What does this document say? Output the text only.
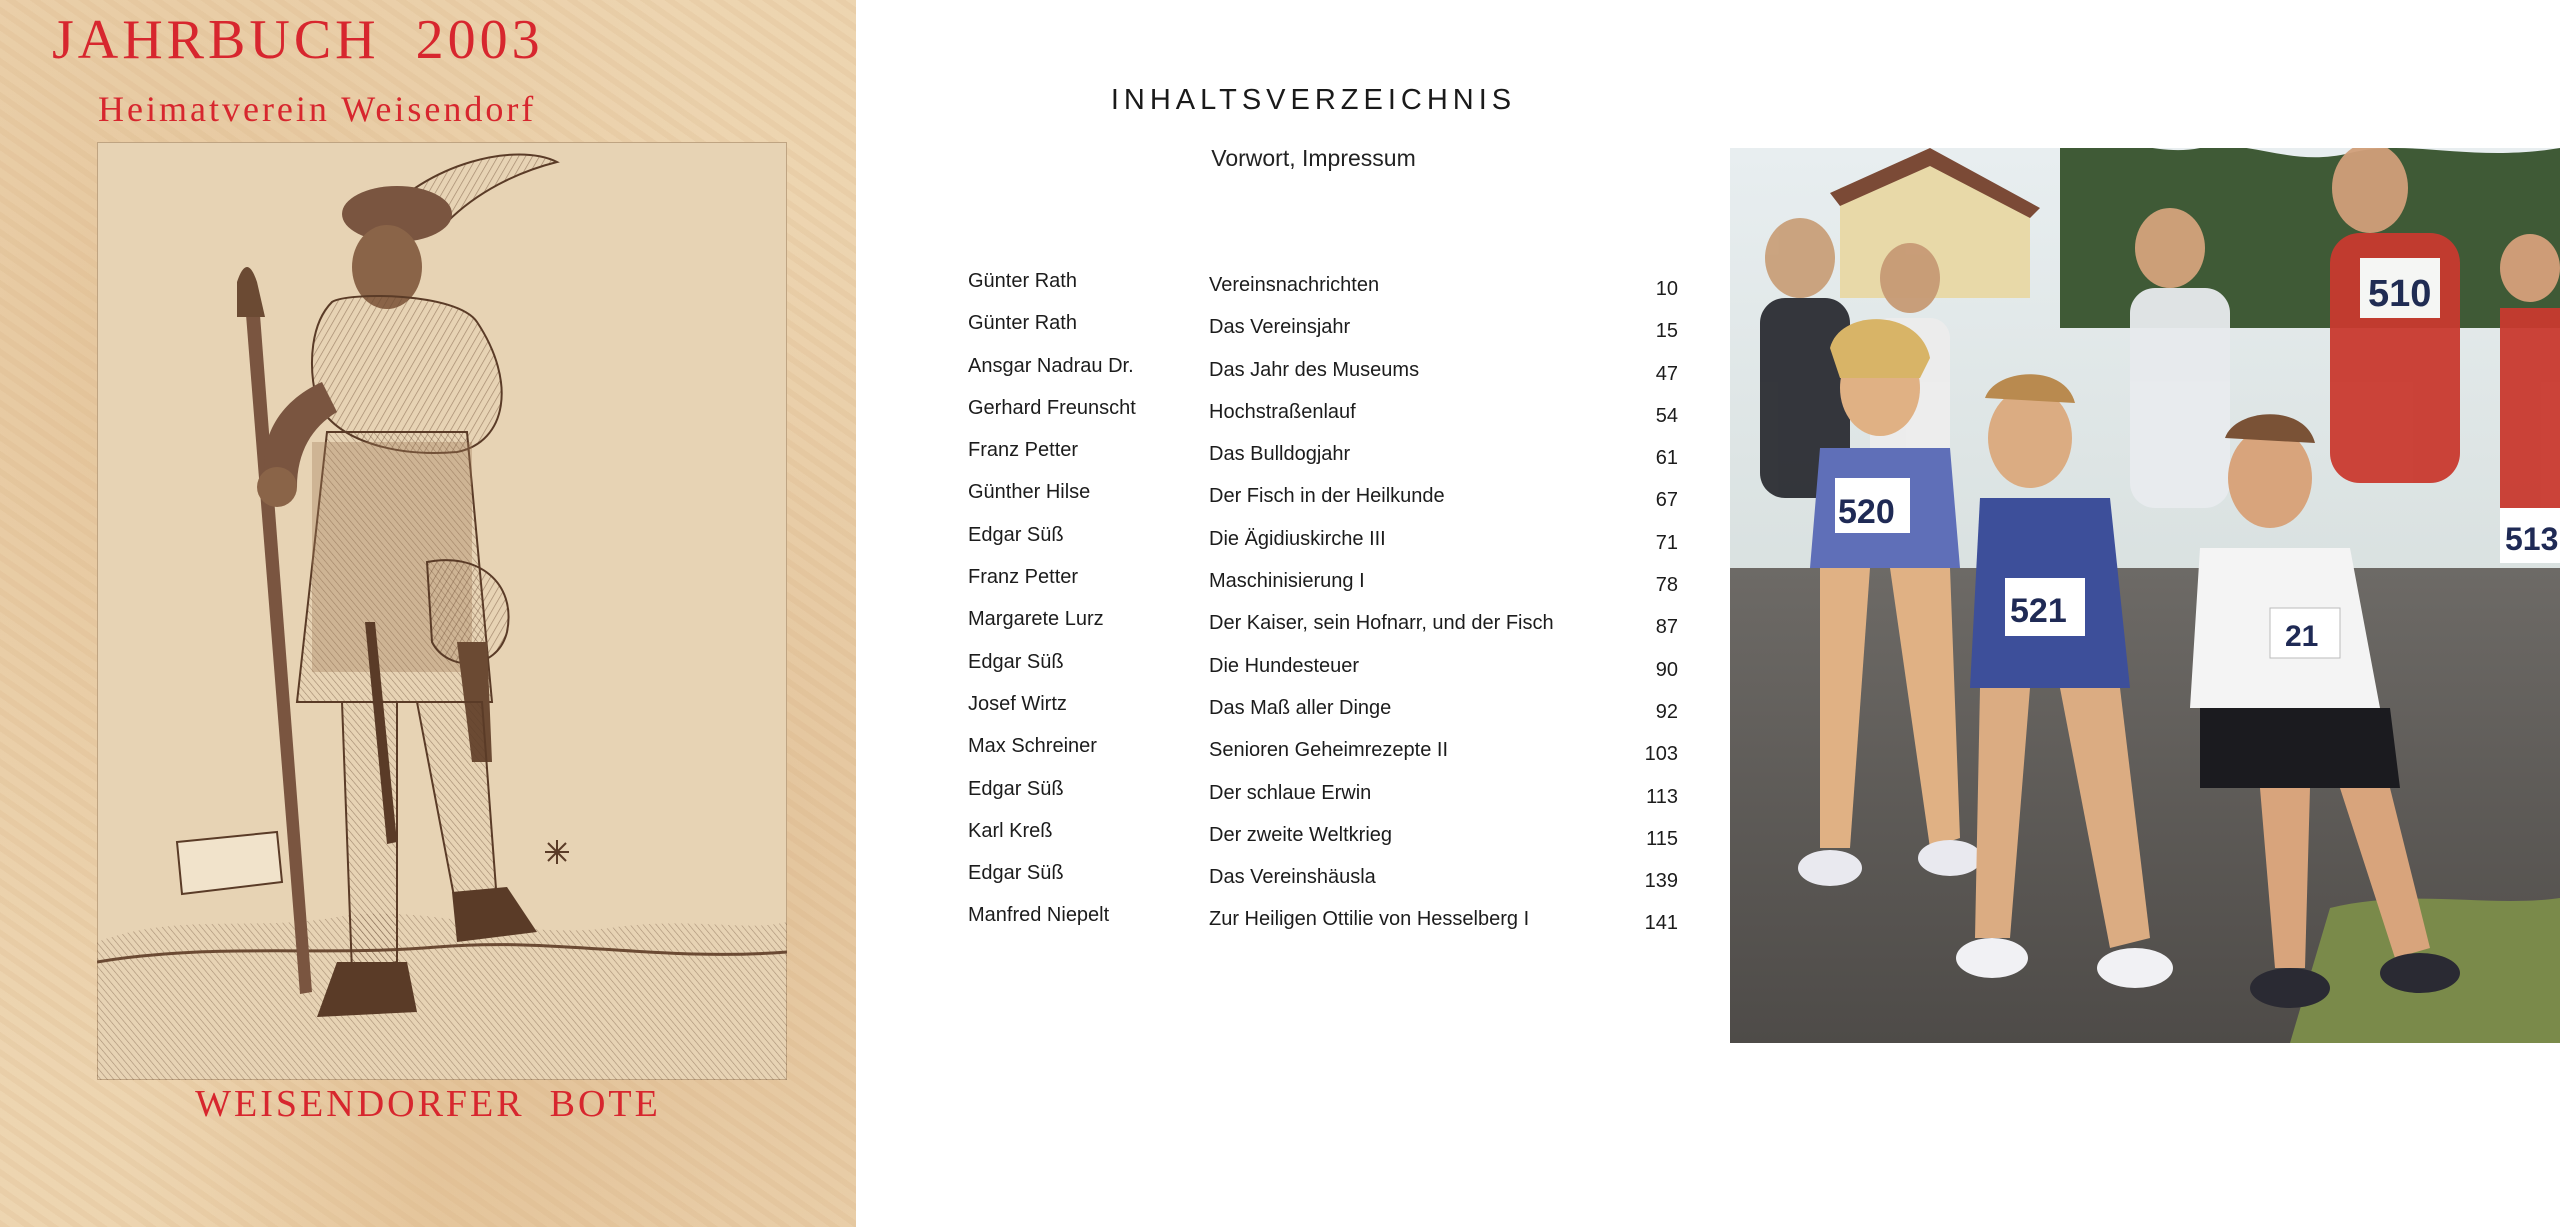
JAHRBUCH  2003
Heimatverein Weisendorf
WEISENDORFER  BOTE
INHALTSVERZEICHNIS

Vorwort, Impressum

Günter Rath	Vereinsnachrichten	10
Günter Rath	Das Vereinsjahr	15
Ansgar Nadrau Dr.	Das Jahr des Museums	47
Gerhard Freunscht	Hochstraßenlauf	54
Franz Petter	Das Bulldogjahr	61
Günther Hilse	Der Fisch in der Heilkunde	67
Edgar Süß	Die Ägidiuskirche III	71
Franz Petter	Maschinisierung I	78
Margarete Lurz	Der Kaiser, sein Hofnarr, und der Fisch	87
Edgar Süß	Die Hundesteuer	90
Josef Wirtz	Das Maß aller Dinge	92
Max Schreiner	Senioren Geheimrezepte II	103
Edgar Süß	Der schlaue Erwin	113
Karl Kreß	Der zweite Weltkrieg	115
Edgar Süß	Das Vereinshäusla	139
Manfred Niepelt	Zur Heiligen Ottilie von Hesselberg I	141
510
520
521
21
513
